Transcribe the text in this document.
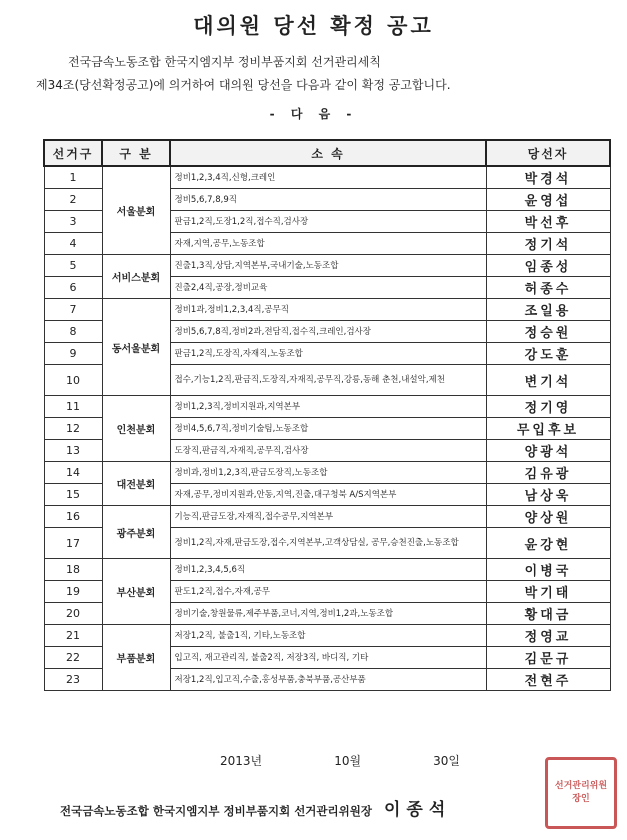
대의원 당선 확정 공고
전국금속노동조합 한국지엠지부 정비부품지회 선거관리세칙
제34조(당선확정공고)에 의거하여 대의원 당선을 다음과 같이 확정 공고합니다.
- 다 음 -
선거구	구 분	소 속	당선자
1	서울분회	정비1,2,3,4직,신형,크레인	박경석
2		정비5,6,7,8,9직	윤영섭
3		판금1,2직,도장1,2직,접수직,검사장	박선후
4		자재,지역,공무,노동조합	정기석
5	서비스분회	진출1,3직,상담,지역본부,국내기술,노동조합	임종성
6		진출2,4직,공장,정비교육	허종수
7	동서울분회	정비1과,정비1,2,3,4직,공무직	조일용
8		정비5,6,7,8직,정비2과,전담직,접수직,크레인,검사장	정승원
9		판금1,2직,도장직,자재직,노동조합	강도훈
10		접수,기능1,2직,판금직,도장직,자재직,공무직,강릉,동해 춘천,내설악,제천	변기석
11	인천분회	정비1,2,3직,정비지원과,지역본부	정기영
12		정비4,5,6,7직,정비기술팀,노동조합	무입후보
13		도장직,판금직,자재직,공무직,검사장	양광석
14	대전분회	정비과,정비1,2,3직,판금도장직,노동조합	김유광
15		자재,공무,정비지원과,안동,지역,진출,대구청북 A/S지역본부	남상욱
16	광주분회	기능직,판금도장,자재직,접수공무,지역본부	양상원
17		정비1,2직,자재,판금도장,접수,지역본부,고객상담실, 공무,승천진출,노동조합	윤강현
18	부산분회	정비1,2,3,4,5,6직	이병국
19		판도1,2직,접수,자재,공무	박기태
20		정비기술,창원물류,제주부품,코너,지역,정비1,2과,노동조합	황대금
21	부품분회	저장1,2직, 불출1직, 기타,노동조합	정영교
22		입고직, 재고관리직, 불출2직, 저장3직, 바디직, 기타	김문규
23		저장1,2직,입고직,수출,홍성부품,충북부품,공산부품	전현주
2013년	10월	30일
전국금속노동조합 한국지엠지부 정비부품지회 선거관리위원장 이종석
선거관리위원장인
